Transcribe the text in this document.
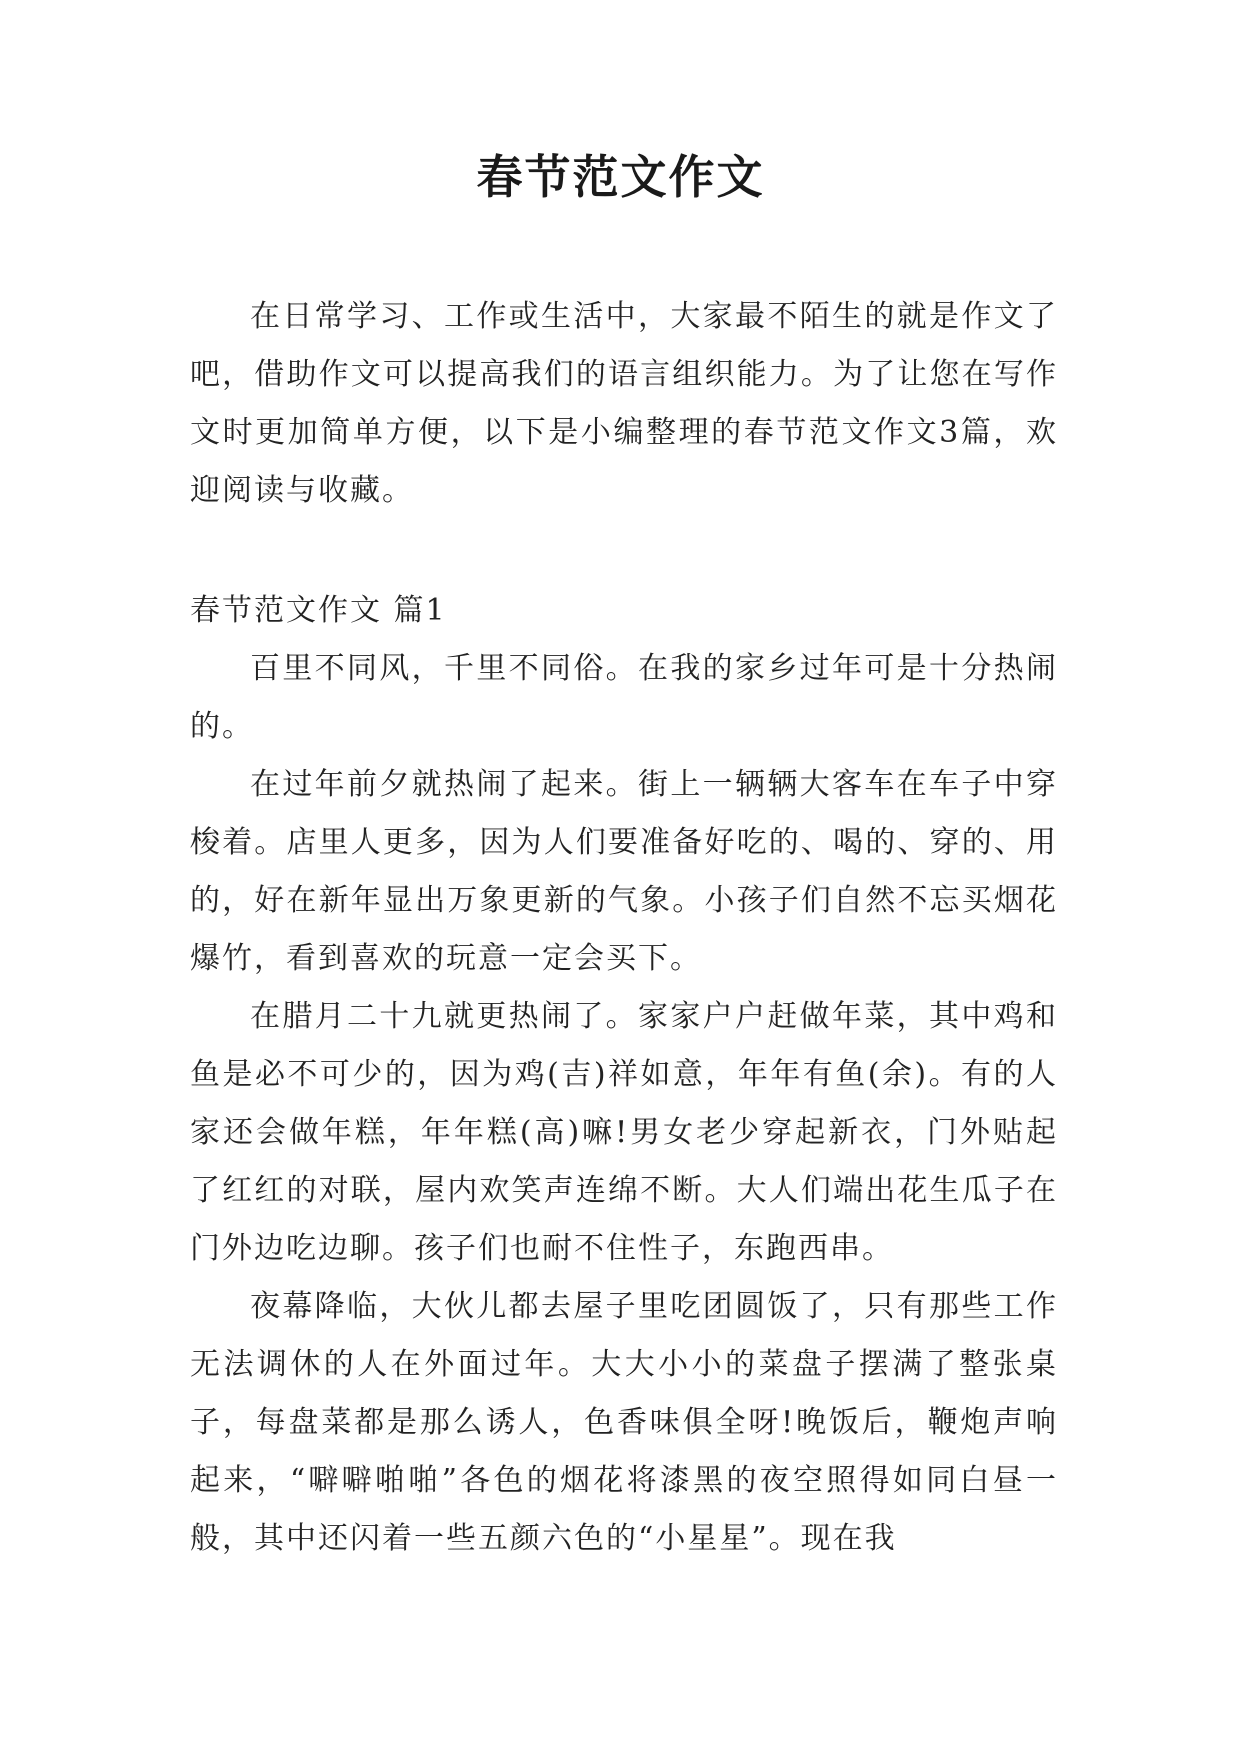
春节范文作文

在日常学习、工作或生活中，大家最不陌生的就是作文了吧，借助作文可以提高我们的语言组织能力。为了让您在写作文时更加简单方便，以下是小编整理的春节范文作文3篇，欢迎阅读与收藏。

春节范文作文 篇1

百里不同风，千里不同俗。在我的家乡过年可是十分热闹的。

在过年前夕就热闹了起来。街上一辆辆大客车在车子中穿梭着。店里人更多，因为人们要准备好吃的、喝的、穿的、用的，好在新年显出万象更新的气象。小孩子们自然不忘买烟花爆竹，看到喜欢的玩意一定会买下。

在腊月二十九就更热闹了。家家户户赶做年菜，其中鸡和鱼是必不可少的，因为鸡(吉)祥如意，年年有鱼(余)。有的人家还会做年糕，年年糕(高)嘛!男女老少穿起新衣，门外贴起了红红的对联，屋内欢笑声连绵不断。大人们端出花生瓜子在门外边吃边聊。孩子们也耐不住性子，东跑西串。

夜幕降临，大伙儿都去屋子里吃团圆饭了，只有那些工作无法调休的人在外面过年。大大小小的菜盘子摆满了整张桌子，每盘菜都是那么诱人，色香味俱全呀!晚饭后，鞭炮声响起来，“噼噼啪啪”各色的烟花将漆黑的夜空照得如同白昼一般，其中还闪着一些五颜六色的“小星星”。现在我
